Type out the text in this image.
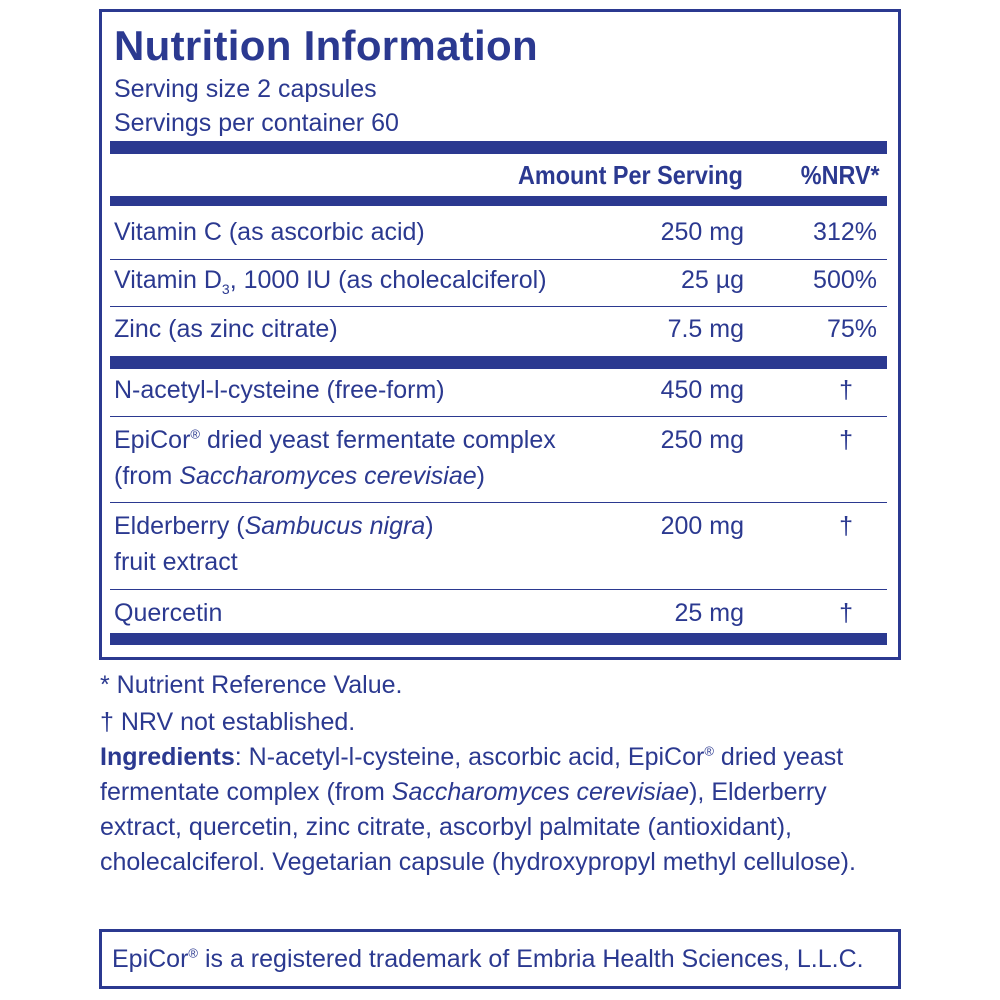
Nutrition Information
Serving size 2 capsules
Servings per container 60
Amount Per Serving %NRV*
Vitamin C (as ascorbic acid)	250 mg	312%
Vitamin $D_3$, 1000 IU (as cholecalciferol)	25 µg	500%
Zinc (as zinc citrate)	7.5 mg	75%
N-acetyl-l-cysteine (free-form)	450 mg	†
EpiCor® dried yeast fermentate complex
(from Saccharomyces cerevisiae)
250 mg	†
Elderberry (Sambucus nigra)
fruit extract
200 mg	†
Quercetin	25 mg	†
* Nutrient Reference Value.
† NRV not established.

Ingredients: N-acetyl-l-cysteine, ascorbic acid, EpiCor® dried yeast fermentate complex (from Saccharomyces cerevisiae), Elderberry extract, quercetin, zinc citrate, ascorbyl palmitate (antioxidant), cholecalciferol. Vegetarian capsule (hydroxypropyl methyl cellulose).

EpiCor® is a registered trademark of Embria Health Sciences, L.L.C.
